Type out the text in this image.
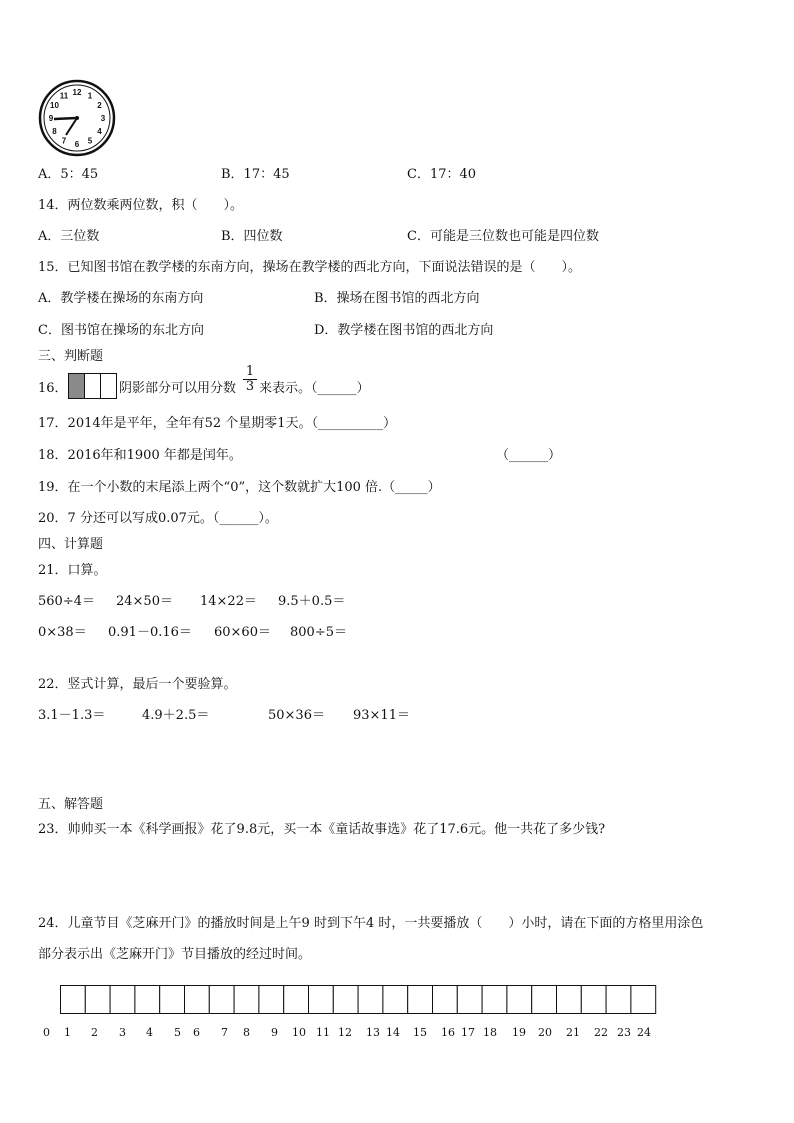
12 1
2
3
4
5
6
7
8
9
10
11
A．5：45	B．17：45	C．17：40
14．两位数乘两位数，积（　　）。
A．三位数	B．四位数	C．可能是三位数也可能是四位数
15．已知图书馆在教学楼的东南方向，操场在教学楼的西北方向，下面说法错误的是（　　）。
A．教学楼在操场的东南方向	B．操场在图书馆的西北方向
C．图书馆在操场的东北方向	D．教学楼在图书馆的西北方向
三、判断题
16．	阴影部分可以用分数 $\frac{1}{3}$ 来表示。（______）
17．2014年是平年，全年有52 个星期零1天。（__________）
18．2016年和1900 年都是闰年。	（______）
19．在一个小数的末尾添上两个“0”，这个数就扩大100 倍.（_____）
20．7 分还可以写成0.07元。（______）。
四、计算题
21．口算。
560÷4＝ 24×50＝ 14×22＝ 9.5＋0.5＝
0×38＝ 0.91－0.16＝ 60×60＝ 800÷5＝
22．竖式计算，最后一个要验算。
3.1－1.3＝	4.9＋2.5＝	50×36＝ 93×11＝
五、解答题
23．帅帅买一本《科学画报》花了9.8元，买一本《童话故事选》花了17.6元。他一共花了多少钱?
24．儿童节目《芝麻开门》的播放时间是上午9 时到下午4 时，一共要播放（　　）小时，请在下面的方格里用涂色
部分表示出《芝麻开门》节目播放的经过时间。
0 1 2 3 4 5 6 7 8 9 10 11 12 13 14 15 16 17 18 19 20 21 22 23 24
